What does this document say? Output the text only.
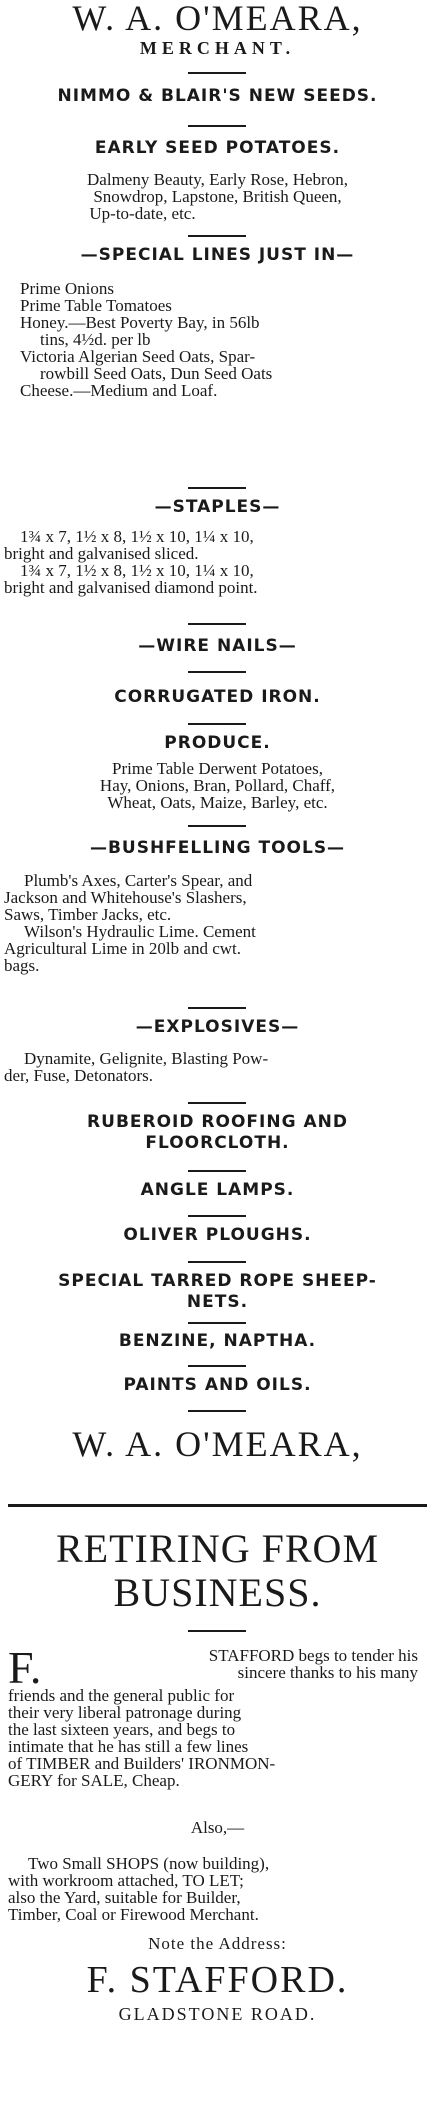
W. A. O'MEARA,
MERCHANT.
NIMMO & BLAIR'S NEW SEEDS.
EARLY SEED POTATOES.
Dalmeny Beauty, Early Rose, Hebron,
Snowdrop, Lapstone, British Queen,
Up-to-date, etc.
—SPECIAL LINES JUST IN—
Prime Onions
Prime Table Tomatoes
Honey.—Best Poverty Bay, in 56lb
tins, 4½d. per lb
Victoria Algerian Seed Oats, Spar-
rowbill Seed Oats, Dun Seed Oats
Cheese.—Medium and Loaf.
—STAPLES—
1¾ x 7, 1½ x 8, 1½ x 10, 1¼ x 10,
bright and galvanised sliced.
1¾ x 7, 1½ x 8, 1½ x 10, 1¼ x 10,
bright and galvanised diamond point.
—WIRE NAILS—
CORRUGATED IRON.
PRODUCE.
Prime Table Derwent Potatoes,
Hay, Onions, Bran, Pollard, Chaff,
Wheat, Oats, Maize, Barley, etc.
—BUSHFELLING TOOLS—
Plumb's Axes, Carter's Spear, and
Jackson and Whitehouse's Slashers,
Saws, Timber Jacks, etc.
Wilson's Hydraulic Lime. Cement
Agricultural Lime in 20lb and cwt.
bags.
—EXPLOSIVES—
Dynamite, Gelignite, Blasting Pow-
der, Fuse, Detonators.
RUBEROID ROOFING AND
FLOORCLOTH.
ANGLE LAMPS.
OLIVER PLOUGHS.
SPECIAL TARRED ROPE SHEEP-
NETS.
BENZINE, NAPTHA.
PAINTS AND OILS.
W. A. O'MEARA,
RETIRING FROM
BUSINESS.
F.	STAFFORD begs to tender his
sincere thanks to his many
friends and the general public for
their very liberal patronage during
the last sixteen years, and begs to
intimate that he has still a few lines
of TIMBER and Builders' IRONMON-
GERY for SALE, Cheap.
Also,—
Two Small SHOPS (now building),
with workroom attached, TO LET;
also the Yard, suitable for Builder,
Timber, Coal or Firewood Merchant.
Note the Address:
F. STAFFORD.
GLADSTONE ROAD.
